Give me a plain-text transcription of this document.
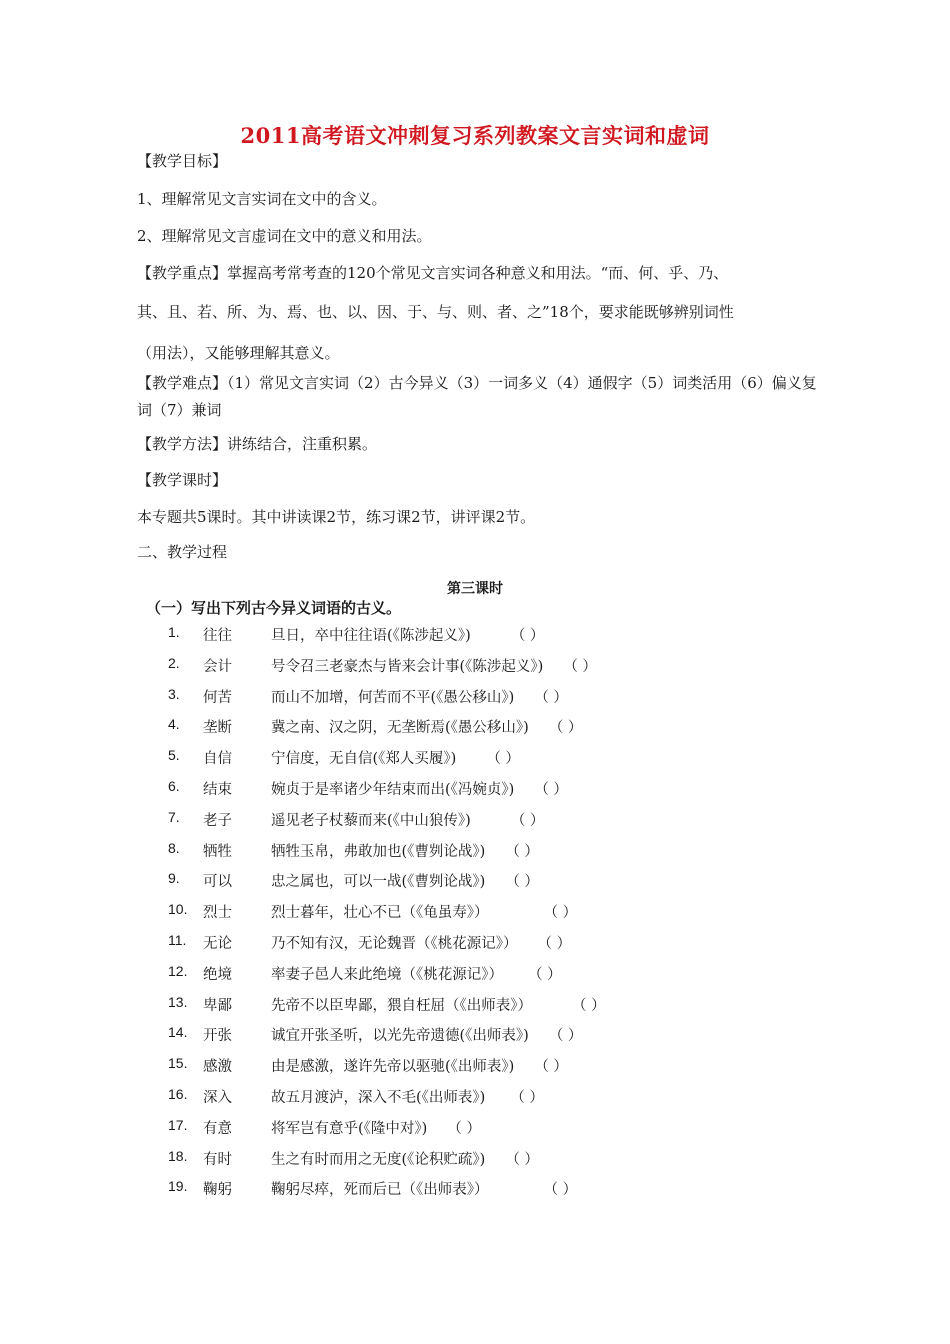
2011高考语文冲刺复习系列教案文言实词和虚词
【教学目标】
1、理解常见文言实词在文中的含义。
2、理解常见文言虚词在文中的意义和用法。
【教学重点】掌握高考常考查的120个常见文言实词各种意义和用法。“而、何、乎、乃、
其、且、若、所、为、焉、也、以、因、于、与、则、者、之”18个，要求能既够辨别词性
（用法），又能够理解其意义。
【教学难点】（1）常见文言实词（2）古今异义（3）一词多义（4）通假字（5）词类活用（6）偏义复词（7）兼词
【教学方法】讲练结合，注重积累。
【教学课时】
本专题共5课时。其中讲读课2节，练习课2节，讲评课2节。
二、教学过程
第三课时
（一）写出下列古今异义词语的古义。
1. 往往	旦日，卒中往往语(《陈涉起义》)	（ ）
2. 会计	号令召三老豪杰与皆来会计事(《陈涉起义》) （ ）
3. 何苦	而山不加增，何苦而不平(《愚公移山》) （ ）
4. 垄断	冀之南、汉之阴，无垄断焉(《愚公移山》) （ ）
5. 自信	宁信度，无自信(《郑人买履》) （ ）
6. 结束	婉贞于是率诸少年结束而出(《冯婉贞》) （ ）
7. 老子	遥见老子杖藜而来(《中山狼传》)	（ ）
8. 牺牲	牺牲玉帛，弗敢加也(《曹刿论战》) （ ）
9. 可以	忠之属也，可以一战(《曹刿论战》) （ ）
10. 烈士	烈士暮年，壮心不已（《龟虽寿》）	（ ）
11. 无论	乃不知有汉，无论魏晋（《桃花源记》） （ ）
12. 绝境	率妻子邑人来此绝境（《桃花源记》） （ ）
13. 卑鄙	先帝不以臣卑鄙，猥自枉屈（《出师表》）	（ ）
14. 开张	诚宜开张圣听，以光先帝遗德(《出师表》) （ ）
15. 感激	由是感激，遂许先帝以驱驰(《出师表》) （ ）
16. 深入	故五月渡泸，深入不毛(《出师表》) （ ）
17. 有意	将军岂有意乎(《隆中对》) （ ）
18. 有时	生之有时而用之无度(《论积贮疏》) （ ）
19. 鞠躬	鞠躬尽瘁，死而后已（《出师表》）	（ ）
